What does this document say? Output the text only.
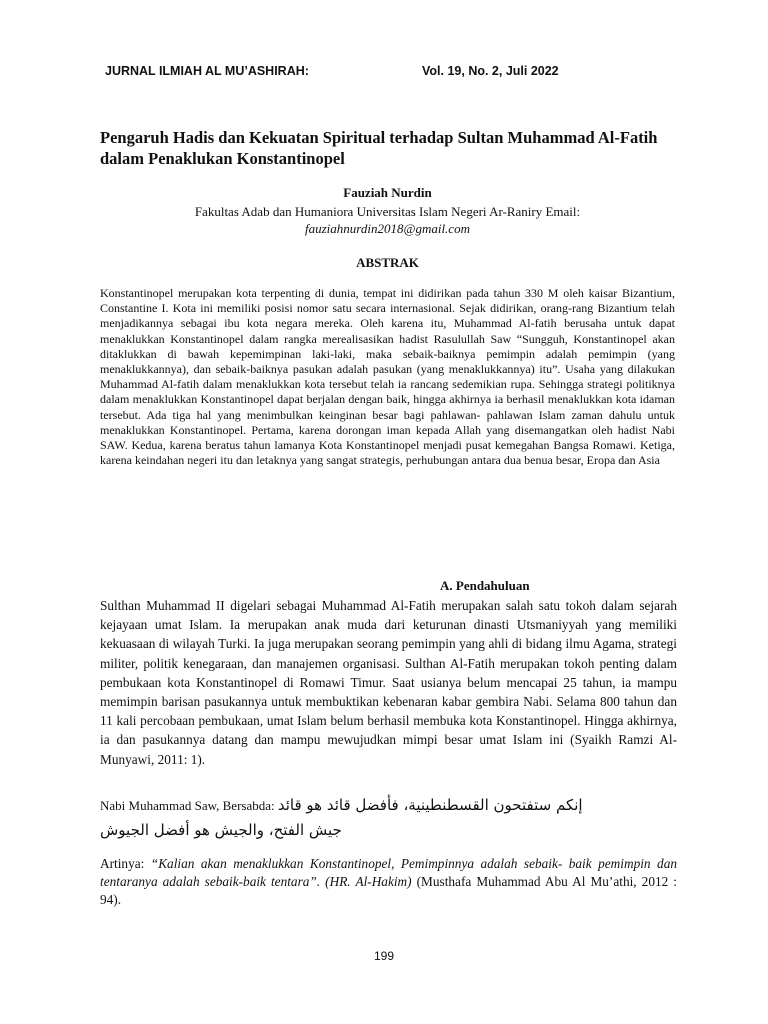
JURNAL ILMIAH AL MU’ASHIRAH:	Vol. 19, No. 2, Juli 2022
Pengaruh Hadis dan Kekuatan Spiritual terhadap Sultan Muhammad Al-Fatih dalam Penaklukan Konstantinopel
Fauziah Nurdin
Fakultas Adab dan Humaniora Universitas Islam Negeri Ar-Raniry Email:
fauziahnurdin2018@gmail.com
ABSTRAK
Konstantinopel merupakan kota terpenting di dunia, tempat ini didirikan pada tahun 330 M oleh kaisar Bizantium, Constantine I. Kota ini memiliki posisi nomor satu secara internasional. Sejak didirikan, orang-rang Bizantium telah menjadikannya sebagai ibu kota negara mereka. Oleh karena itu, Muhammad Al-fatih berusaha untuk dapat menaklukkan Konstantinopel dalam rangka merealisasikan hadist Rasulullah Saw “Sungguh, Konstantinopel akan ditaklukkan di bawah kepemimpinan laki-laki, maka sebaik-baiknya pemimpin adalah pemimpin (yang menaklukkannya), dan sebaik-baiknya pasukan adalah pasukan (yang menaklukkannya) itu”. Usaha yang dilakukan Muhammad Al-fatih dalam menaklukkan kota tersebut telah ia rancang sedemikian rupa. Sehingga strategi politiknya dalam menaklukkan Konstantinopel dapat berjalan dengan baik, hingga akhirnya ia berhasil menaklukkan kota idaman tersebut. Ada tiga hal yang menimbulkan keinginan besar bagi pahlawan- pahlawan Islam zaman dahulu untuk menaklukkan Konstantinopel. Pertama, karena dorongan iman kepada Allah yang disemangatkan oleh hadist Nabi SAW. Kedua, karena beratus tahun lamanya Kota Konstantinopel menjadi pusat kemegahan Bangsa Romawi. Ketiga, karena keindahan negeri itu dan letaknya yang sangat strategis, perhubungan antara dua benua besar, Eropa dan Asia
A. Pendahuluan
Sulthan Muhammad II digelari sebagai Muhammad Al-Fatih merupakan salah satu tokoh dalam sejarah kejayaan umat Islam. Ia merupakan anak muda dari keturunan dinasti Utsmaniyyah yang memiliki kekuasaan di wilayah Turki. Ia juga merupakan seorang pemimpin yang ahli di bidang ilmu Agama, strategi militer, politik kenegaraan, dan manajemen organisasi. Sulthan Al-Fatih merupakan tokoh penting dalam pembukaan kota Konstantinopel di Romawi Timur. Saat usianya belum mencapai 25 tahun, ia mampu memimpin barisan pasukannya untuk membuktikan kebenaran kabar gembira Nabi. Selama 800 tahun dan 11 kali percobaan pembukaan, umat Islam belum berhasil membuka kota Konstantinopel. Hingga akhirnya, ia dan pasukannya datang dan mampu mewujudkan mimpi besar umat Islam ini (Syaikh Ramzi Al-Munyawi, 2011: 1).
Nabi Muhammad Saw, Bersabda: إنكم ستفتحون القسطنطينية، فأفضل قائد هو قائد
جيش الفتح، والجيش هو أفضل الجيوش
Artinya: “Kalian akan menaklukkan Konstantinopel, Pemimpinnya adalah sebaik- baik pemimpin dan tentaranya adalah sebaik-baik tentara”. (HR. Al-Hakim) (Musthafa Muhammad Abu Al Mu’athi, 2012 : 94).
199
